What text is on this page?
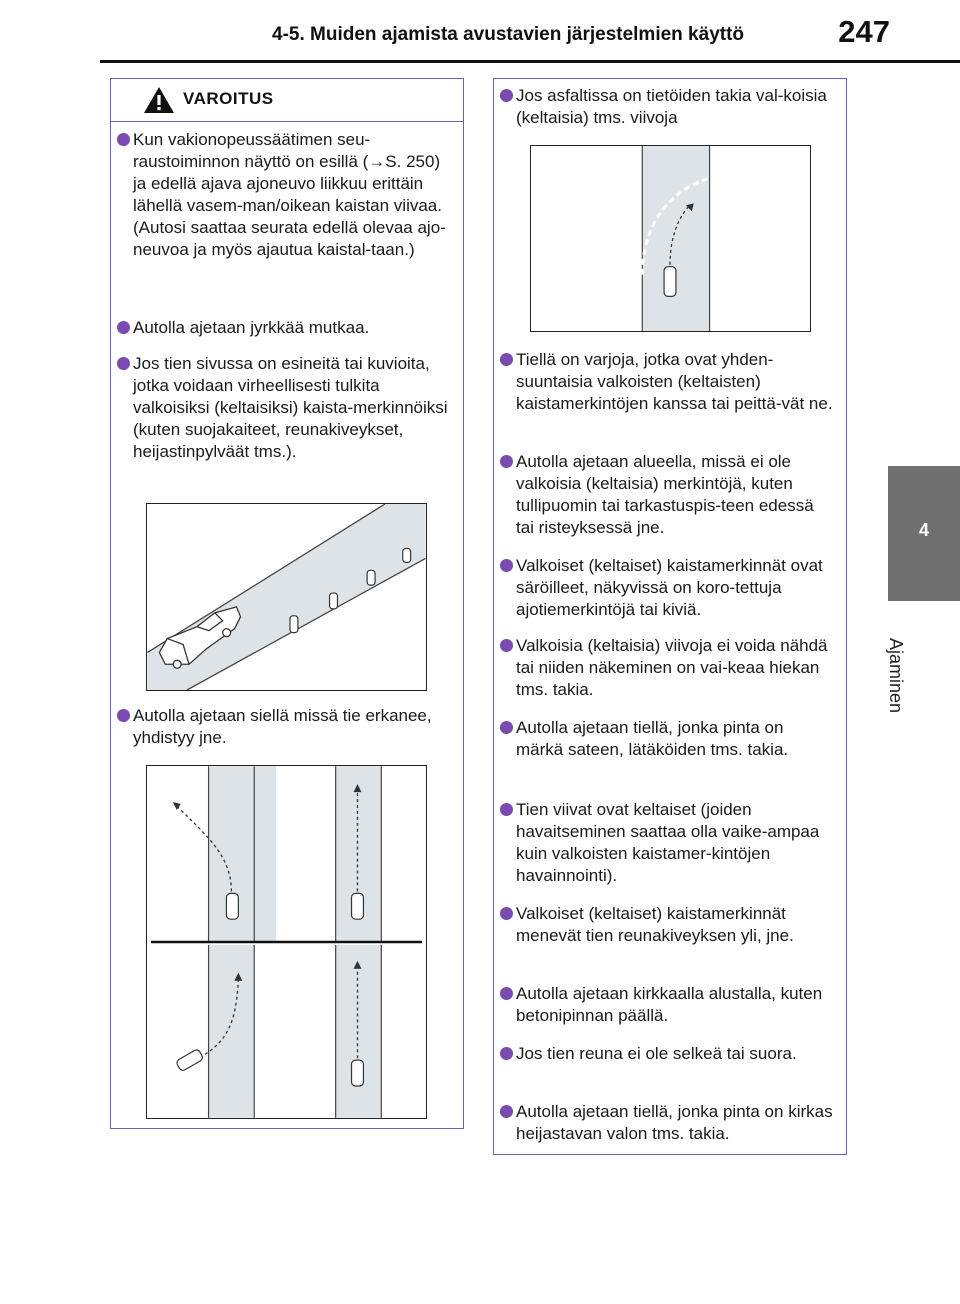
4-5. Muiden ajamista avustavien järjestelmien käyttö	247
4
Ajaminen
VAROITUS

Kun vakionopeussäätimen seu-raustoiminnon näyttö on esillä (→S. 250) ja edellä ajava ajoneuvo liikkuu erittäin lähellä vasem-man/oikean kaistan viivaa. (Autosi saattaa seurata edellä olevaa ajo-neuvoa ja myös ajautua kaistal-taan.)

Autolla ajetaan jyrkkää mutkaa.

Jos tien sivussa on esineitä tai kuvioita, jotka voidaan virheellisesti tulkita valkoisiksi (keltaisiksi) kaista-merkinnöiksi (kuten suojakaiteet, reunakiveykset, heijastinpylväät tms.).

Autolla ajetaan siellä missä tie erkanee, yhdistyy jne.

Jos asfaltissa on tietöiden takia val-koisia (keltaisia) tms. viivoja

Tiellä on varjoja, jotka ovat yhden-suuntaisia valkoisten (keltaisten) kaistamerkintöjen kanssa tai peittä-vät ne.

Autolla ajetaan alueella, missä ei ole valkoisia (keltaisia) merkintöjä, kuten tullipuomin tai tarkastuspis-teen edessä tai risteyksessä jne.

Valkoiset (keltaiset) kaistamerkinnät ovat säröilleet, näkyvissä on koro-tettuja ajotiemerkintöjä tai kiviä.

Valkoisia (keltaisia) viivoja ei voida nähdä tai niiden näkeminen on vai-keaa hiekan tms. takia.

Autolla ajetaan tiellä, jonka pinta on märkä sateen, lätäköiden tms. takia.

Tien viivat ovat keltaiset (joiden havaitseminen saattaa olla vaike-ampaa kuin valkoisten kaistamer-kintöjen havainnointi).

Valkoiset (keltaiset) kaistamerkinnät menevät tien reunakiveyksen yli, jne.

Autolla ajetaan kirkkaalla alustalla, kuten betonipinnan päällä.

Jos tien reuna ei ole selkeä tai suora.

Autolla ajetaan tiellä, jonka pinta on kirkas heijastavan valon tms. takia.
